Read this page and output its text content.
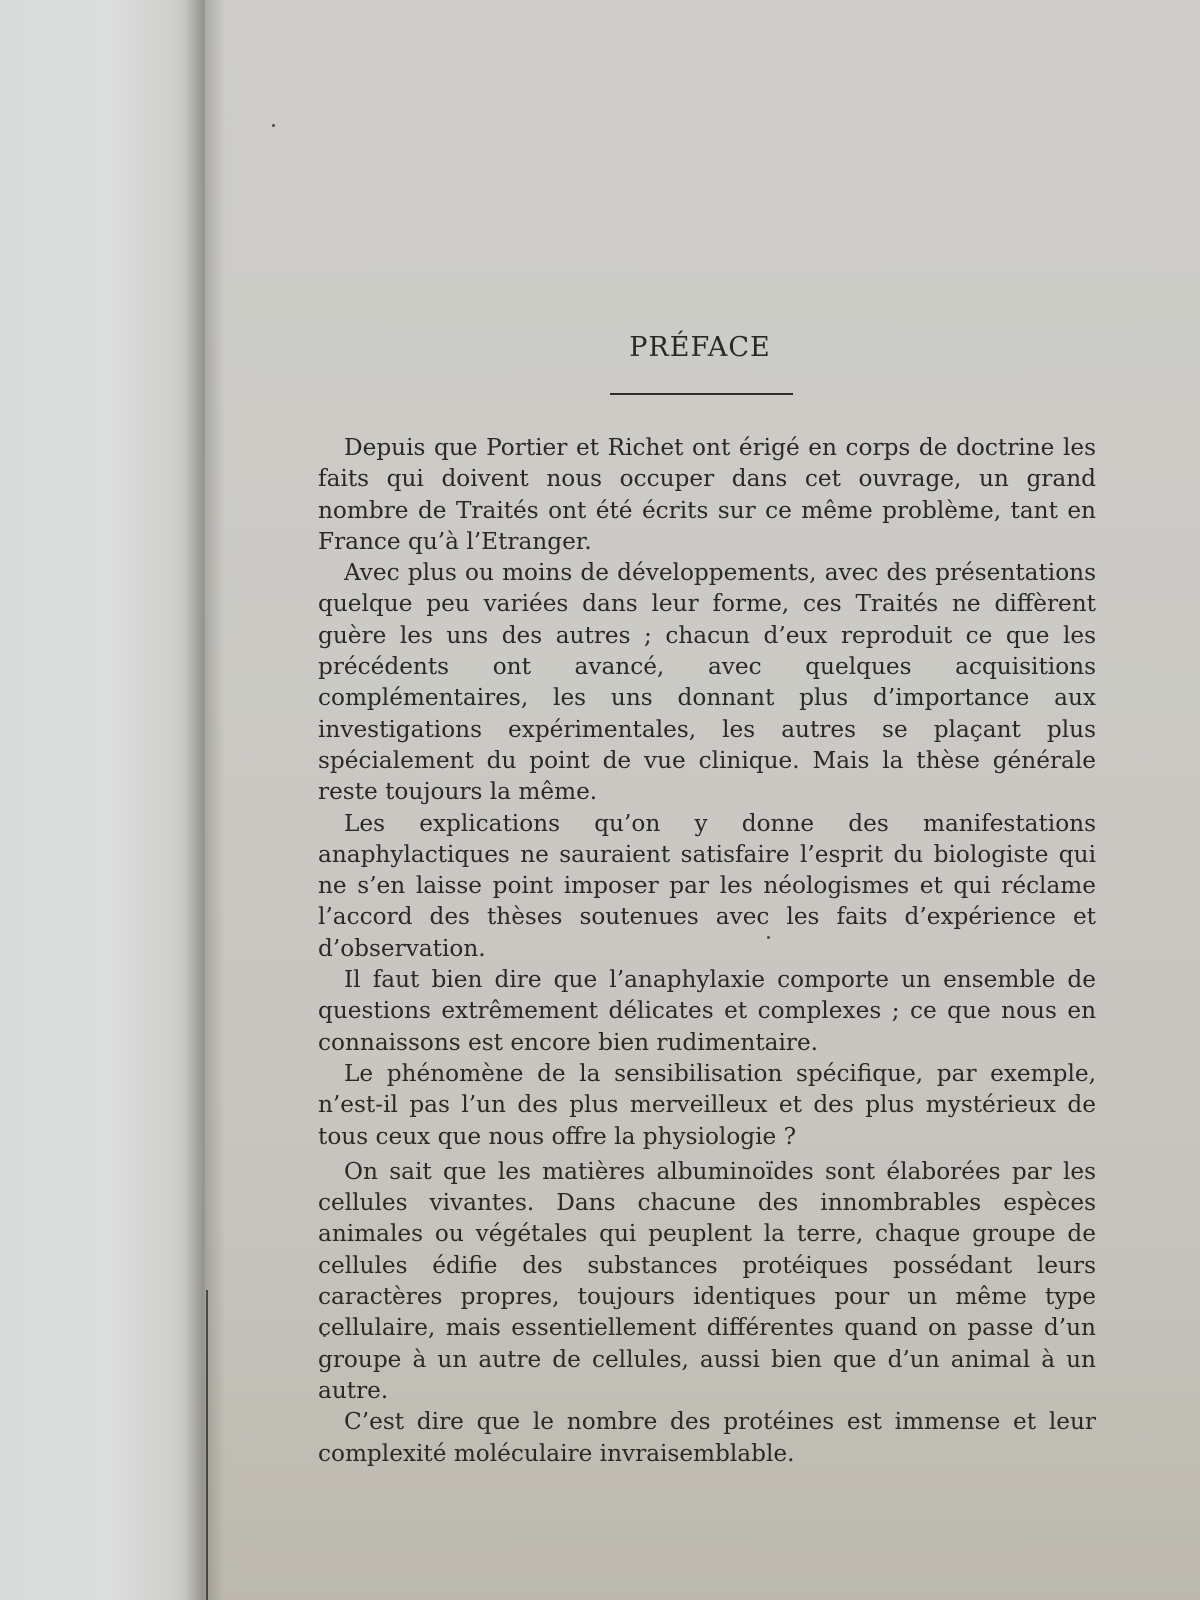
PRÉFACE

Depuis que Portier et Richet ont érigé en corps de doctrine les faits qui doivent nous occuper dans cet ouvrage, un grand nombre de Traités ont été écrits sur ce même problème, tant en France qu’à l’Etranger.

Avec plus ou moins de développements, avec des présentations quelque peu variées dans leur forme, ces Traités ne diffèrent guère les uns des autres ; chacun d’eux reproduit ce que les précédents ont avancé, avec quelques acquisitions complémentaires, les uns donnant plus d’importance aux investigations expérimentales, les autres se plaçant plus spécialement du point de vue clinique. Mais la thèse générale reste toujours la même.

Les explications qu’on y donne des manifestations anaphylactiques ne sauraient satisfaire l’esprit du biologiste qui ne s’en laisse point imposer par les néologismes et qui réclame l’accord des thèses soutenues avec les faits d’expérience et d’observation.

Il faut bien dire que l’anaphylaxie comporte un ensemble de questions extrêmement délicates et complexes ; ce que nous en connaissons est encore bien rudimentaire.

Le phénomène de la sensibilisation spécifique, par exemple, n’est-il pas l’un des plus merveilleux et des plus mystérieux de tous ceux que nous offre la physiologie ?

On sait que les matières albuminoïdes sont élaborées par les cellules vivantes. Dans chacune des innombrables espèces animales ou végétales qui peuplent la terre, chaque groupe de cellules édifie des substances protéiques possédant leurs caractères propres, toujours identiques pour un même type cellulaire, mais essentiellement différentes quand on passe d’un groupe à un autre de cellules, aussi bien que d’un animal à un autre.

C’est dire que le nombre des protéines est immense et leur complexité moléculaire invraisemblable.
